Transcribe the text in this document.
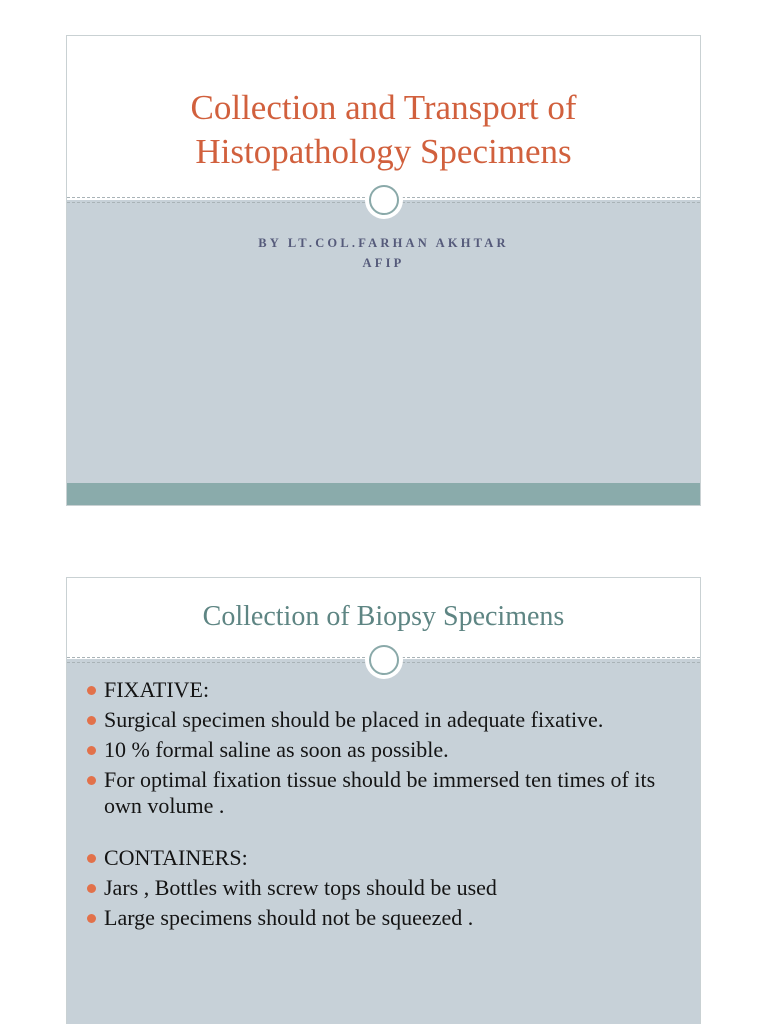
Collection and Transport of
Histopathology Specimens
BY LT.COL.FARHAN AKHTAR
AFIP
Collection of Biopsy Specimens
FIXATIVE:
Surgical specimen should be placed in adequate fixative.
10 % formal saline as soon as possible.
For optimal fixation tissue should be immersed ten times of its own volume .
CONTAINERS:
Jars , Bottles with screw tops should be used
Large specimens should not be squeezed .
